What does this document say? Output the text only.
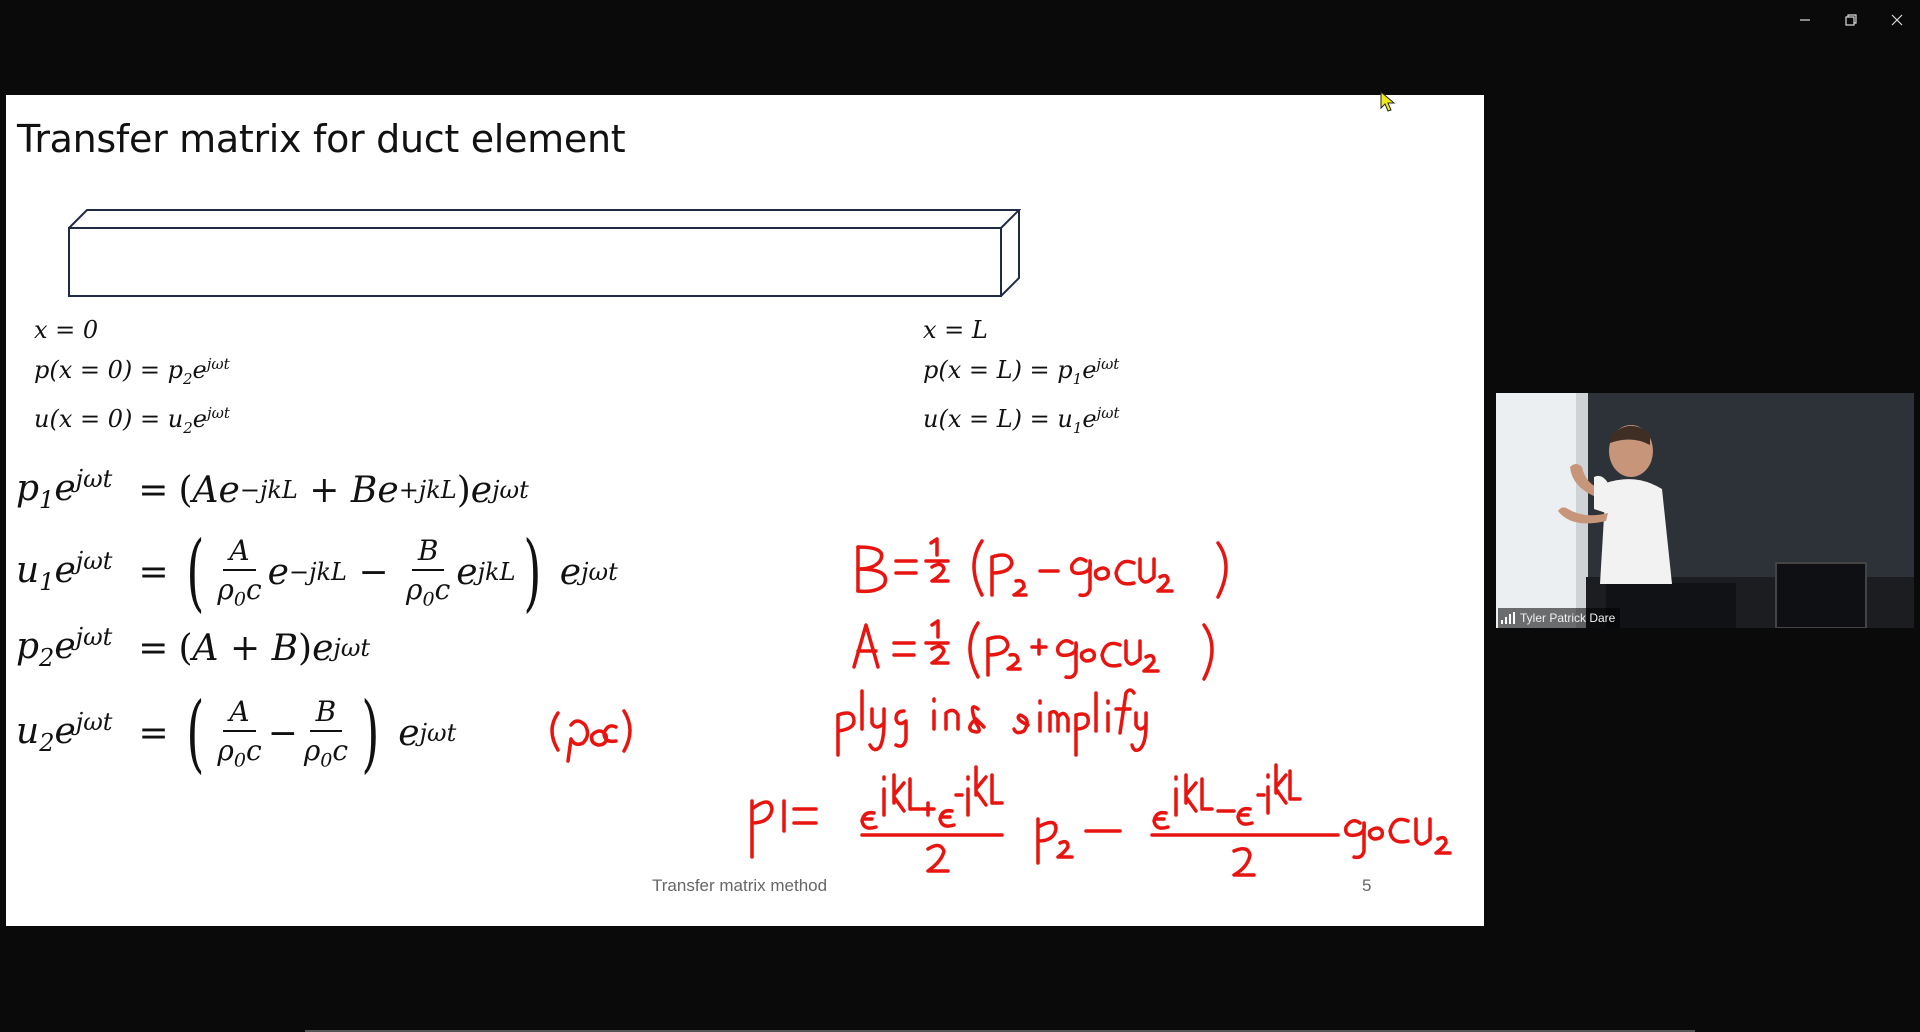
Transfer matrix for duct element
x = 0
$p(x = 0) = p_2e^{j\omega t}$
$u(x = 0) = u_2e^{j\omega t}$
x = L
$p(x = L) = p_1e^{j\omega t}$
$u(x = L) = u_1e^{j\omega t}$
$p_1e^{j\omega t}$ = ( Ae −jkL + Be +jkL ) e jωt
$u_1e^{j\omega t}$ = ( $\frac{A}{\rho_0c}$ $e -jkL - \frac{B}{\rho_0c}$ e jkL ) e jωt
$p_2e^{j\omega t}$ = ( A + B ) e jωt
$u_2e^{j\omega t}$ = ( $\frac{A}{\rho_0c} - \frac{B}{\rho_0c}$ ) e jωt
Transfer matrix method	5
Tyler Patrick Dare
